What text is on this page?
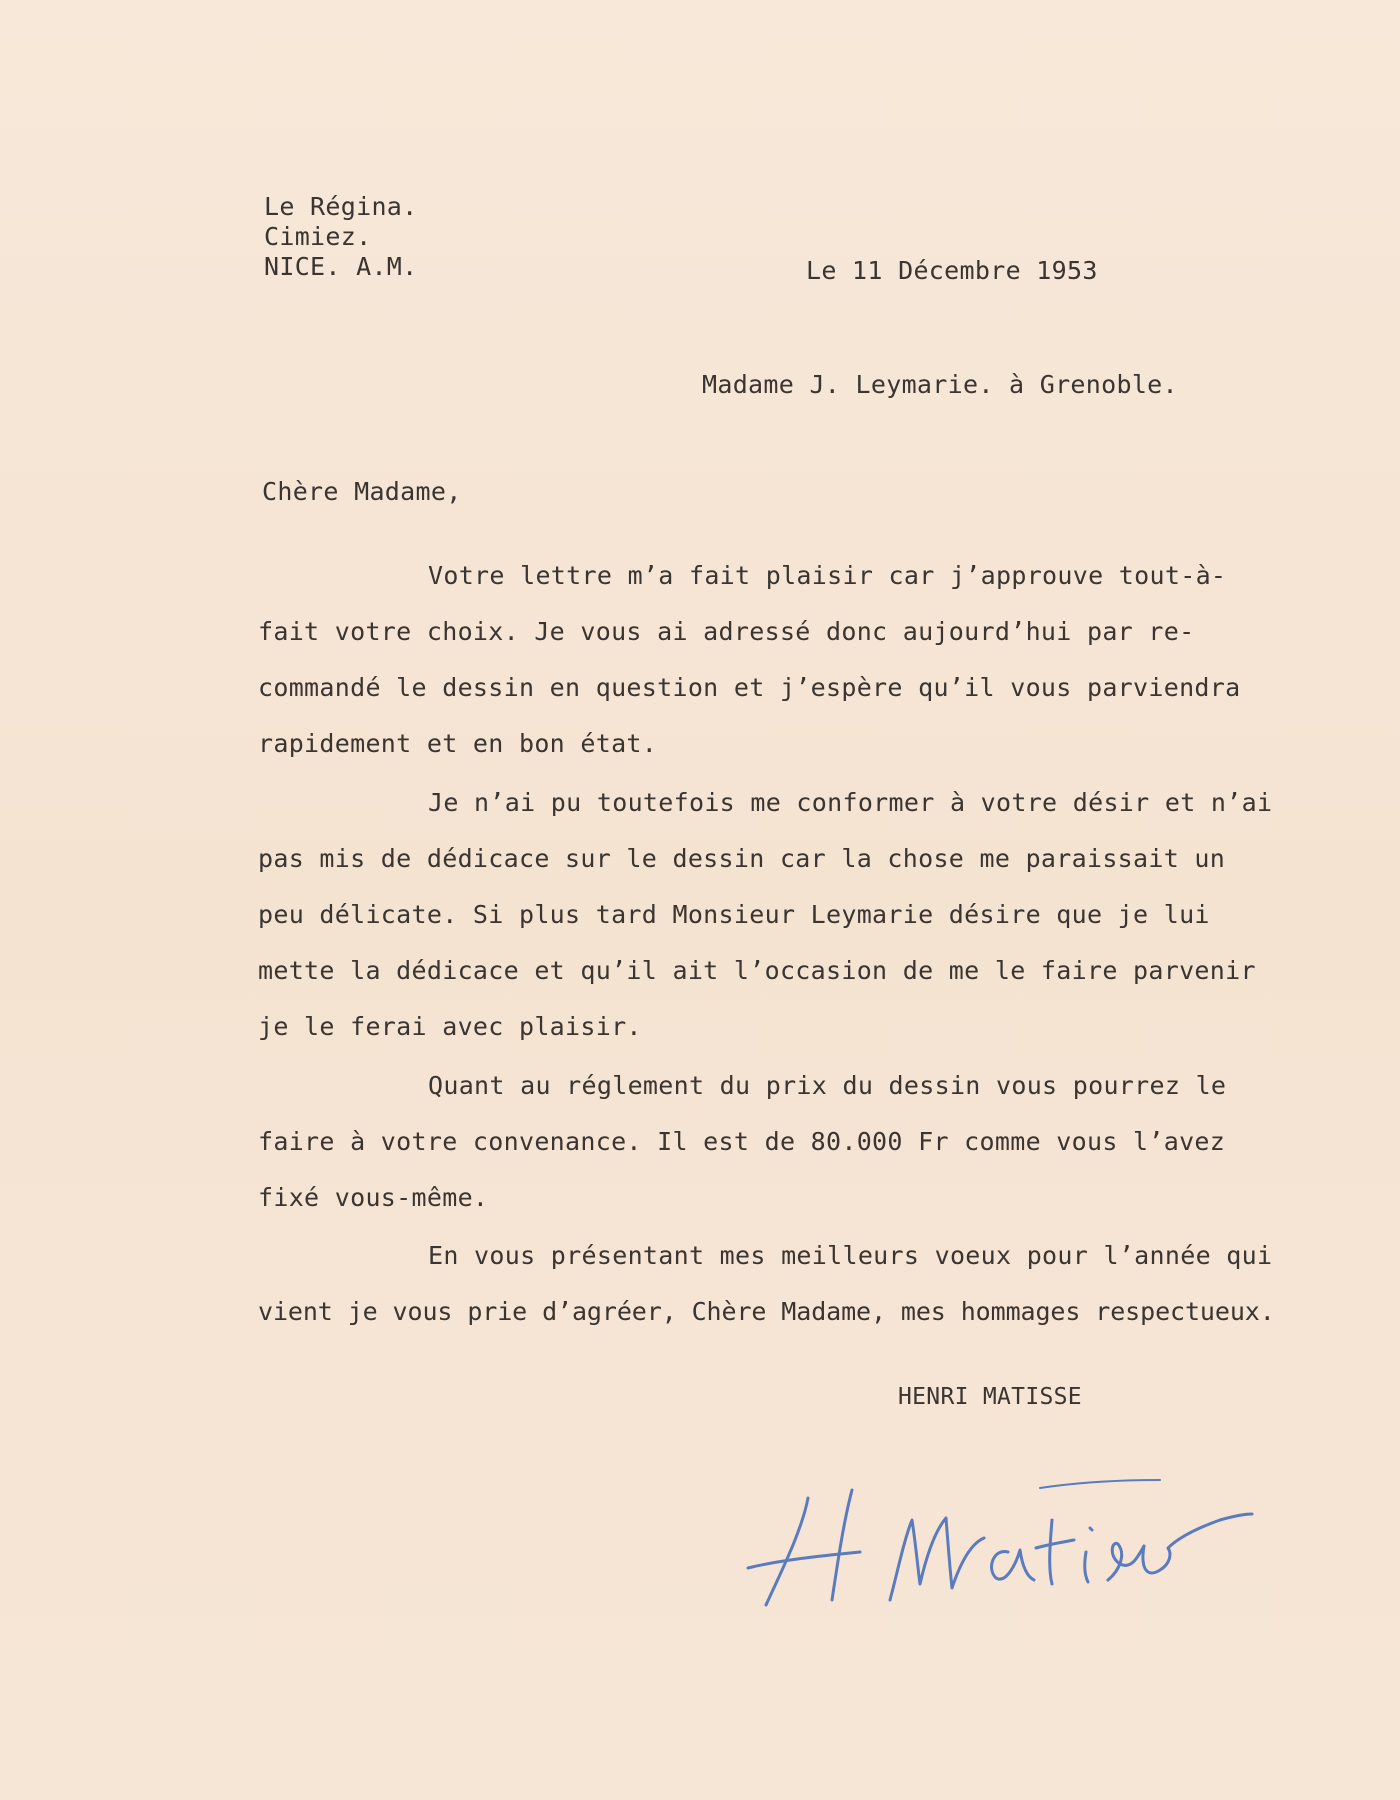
Le Régina.
Cimiez.
NICE. A.M.	Le 11 Décembre 1953
Madame J. Leymarie. à Grenoble.
Chère Madame,
Votre lettre m’a fait plaisir car j’approuve tout-à-
fait votre choix. Je vous ai adressé donc aujourd’hui par re-
commandé le dessin en question et j’espère qu’il vous parviendra
rapidement et en bon état.
Je n’ai pu toutefois me conformer à votre désir et n’ai
pas mis de dédicace sur le dessin car la chose me paraissait un
peu délicate. Si plus tard Monsieur Leymarie désire que je lui
mette la dédicace et qu’il ait l’occasion de me le faire parvenir
je le ferai avec plaisir.
Quant au réglement du prix du dessin vous pourrez le
faire à votre convenance. Il est de 80.000 Fr comme vous l’avez
fixé vous-même.
En vous présentant mes meilleurs voeux pour l’année qui
vient je vous prie d’agréer, Chère Madame, mes hommages respectueux.
HENRI MATISSE
